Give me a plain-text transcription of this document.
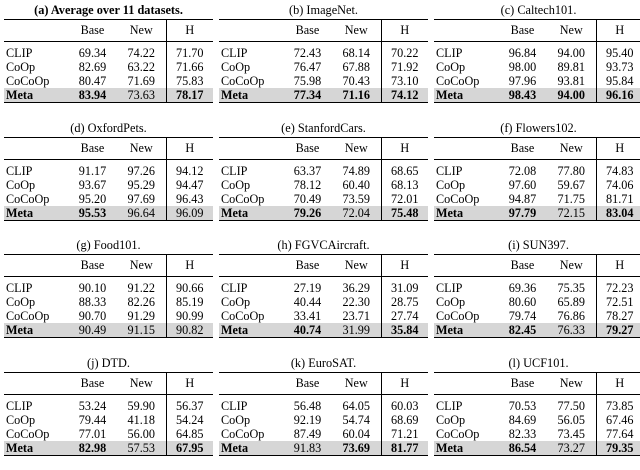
(a) Average over 11 datasets.
	Base	New	H
CLIP	69.34	74.22	71.70
CoOp	82.69	63.22	71.66
CoCoOp	80.47	71.69	75.83
Meta	83.94	73.63	78.17
(b) ImageNet.
	Base	New	H
CLIP	72.43	68.14	70.22
CoOp	76.47	67.88	71.92
CoCoOp	75.98	70.43	73.10
Meta	77.34	71.16	74.12
(c) Caltech101.
	Base	New	H
CLIP	96.84	94.00	95.40
CoOp	98.00	89.81	93.73
CoCoOp	97.96	93.81	95.84
Meta	98.43	94.00	96.16
(d) OxfordPets.
	Base	New	H
CLIP	91.17	97.26	94.12
CoOp	93.67	95.29	94.47
CoCoOp	95.20	97.69	96.43
Meta	95.53	96.64	96.09
(e) StanfordCars.
	Base	New	H
CLIP	63.37	74.89	68.65
CoOp	78.12	60.40	68.13
CoCoOp	70.49	73.59	72.01
Meta	79.26	72.04	75.48
(f) Flowers102.
	Base	New	H
CLIP	72.08	77.80	74.83
CoOp	97.60	59.67	74.06
CoCoOp	94.87	71.75	81.71
Meta	97.79	72.15	83.04
(g) Food101.
	Base	New	H
CLIP	90.10	91.22	90.66
CoOp	88.33	82.26	85.19
CoCoOp	90.70	91.29	90.99
Meta	90.49	91.15	90.82
(h) FGVCAircraft.
	Base	New	H
CLIP	27.19	36.29	31.09
CoOp	40.44	22.30	28.75
CoCoOp	33.41	23.71	27.74
Meta	40.74	31.99	35.84
(i) SUN397.
	Base	New	H
CLIP	69.36	75.35	72.23
CoOp	80.60	65.89	72.51
CoCoOp	79.74	76.86	78.27
Meta	82.45	76.33	79.27
(j) DTD.
	Base	New	H
CLIP	53.24	59.90	56.37
CoOp	79.44	41.18	54.24
CoCoOp	77.01	56.00	64.85
Meta	82.98	57.53	67.95
(k) EuroSAT.
	Base	New	H
CLIP	56.48	64.05	60.03
CoOp	92.19	54.74	68.69
CoCoOp	87.49	60.04	71.21
Meta	91.83	73.69	81.77
(l) UCF101.
	Base	New	H
CLIP	70.53	77.50	73.85
CoOp	84.69	56.05	67.46
CoCoOp	82.33	73.45	77.64
Meta	86.54	73.27	79.35
